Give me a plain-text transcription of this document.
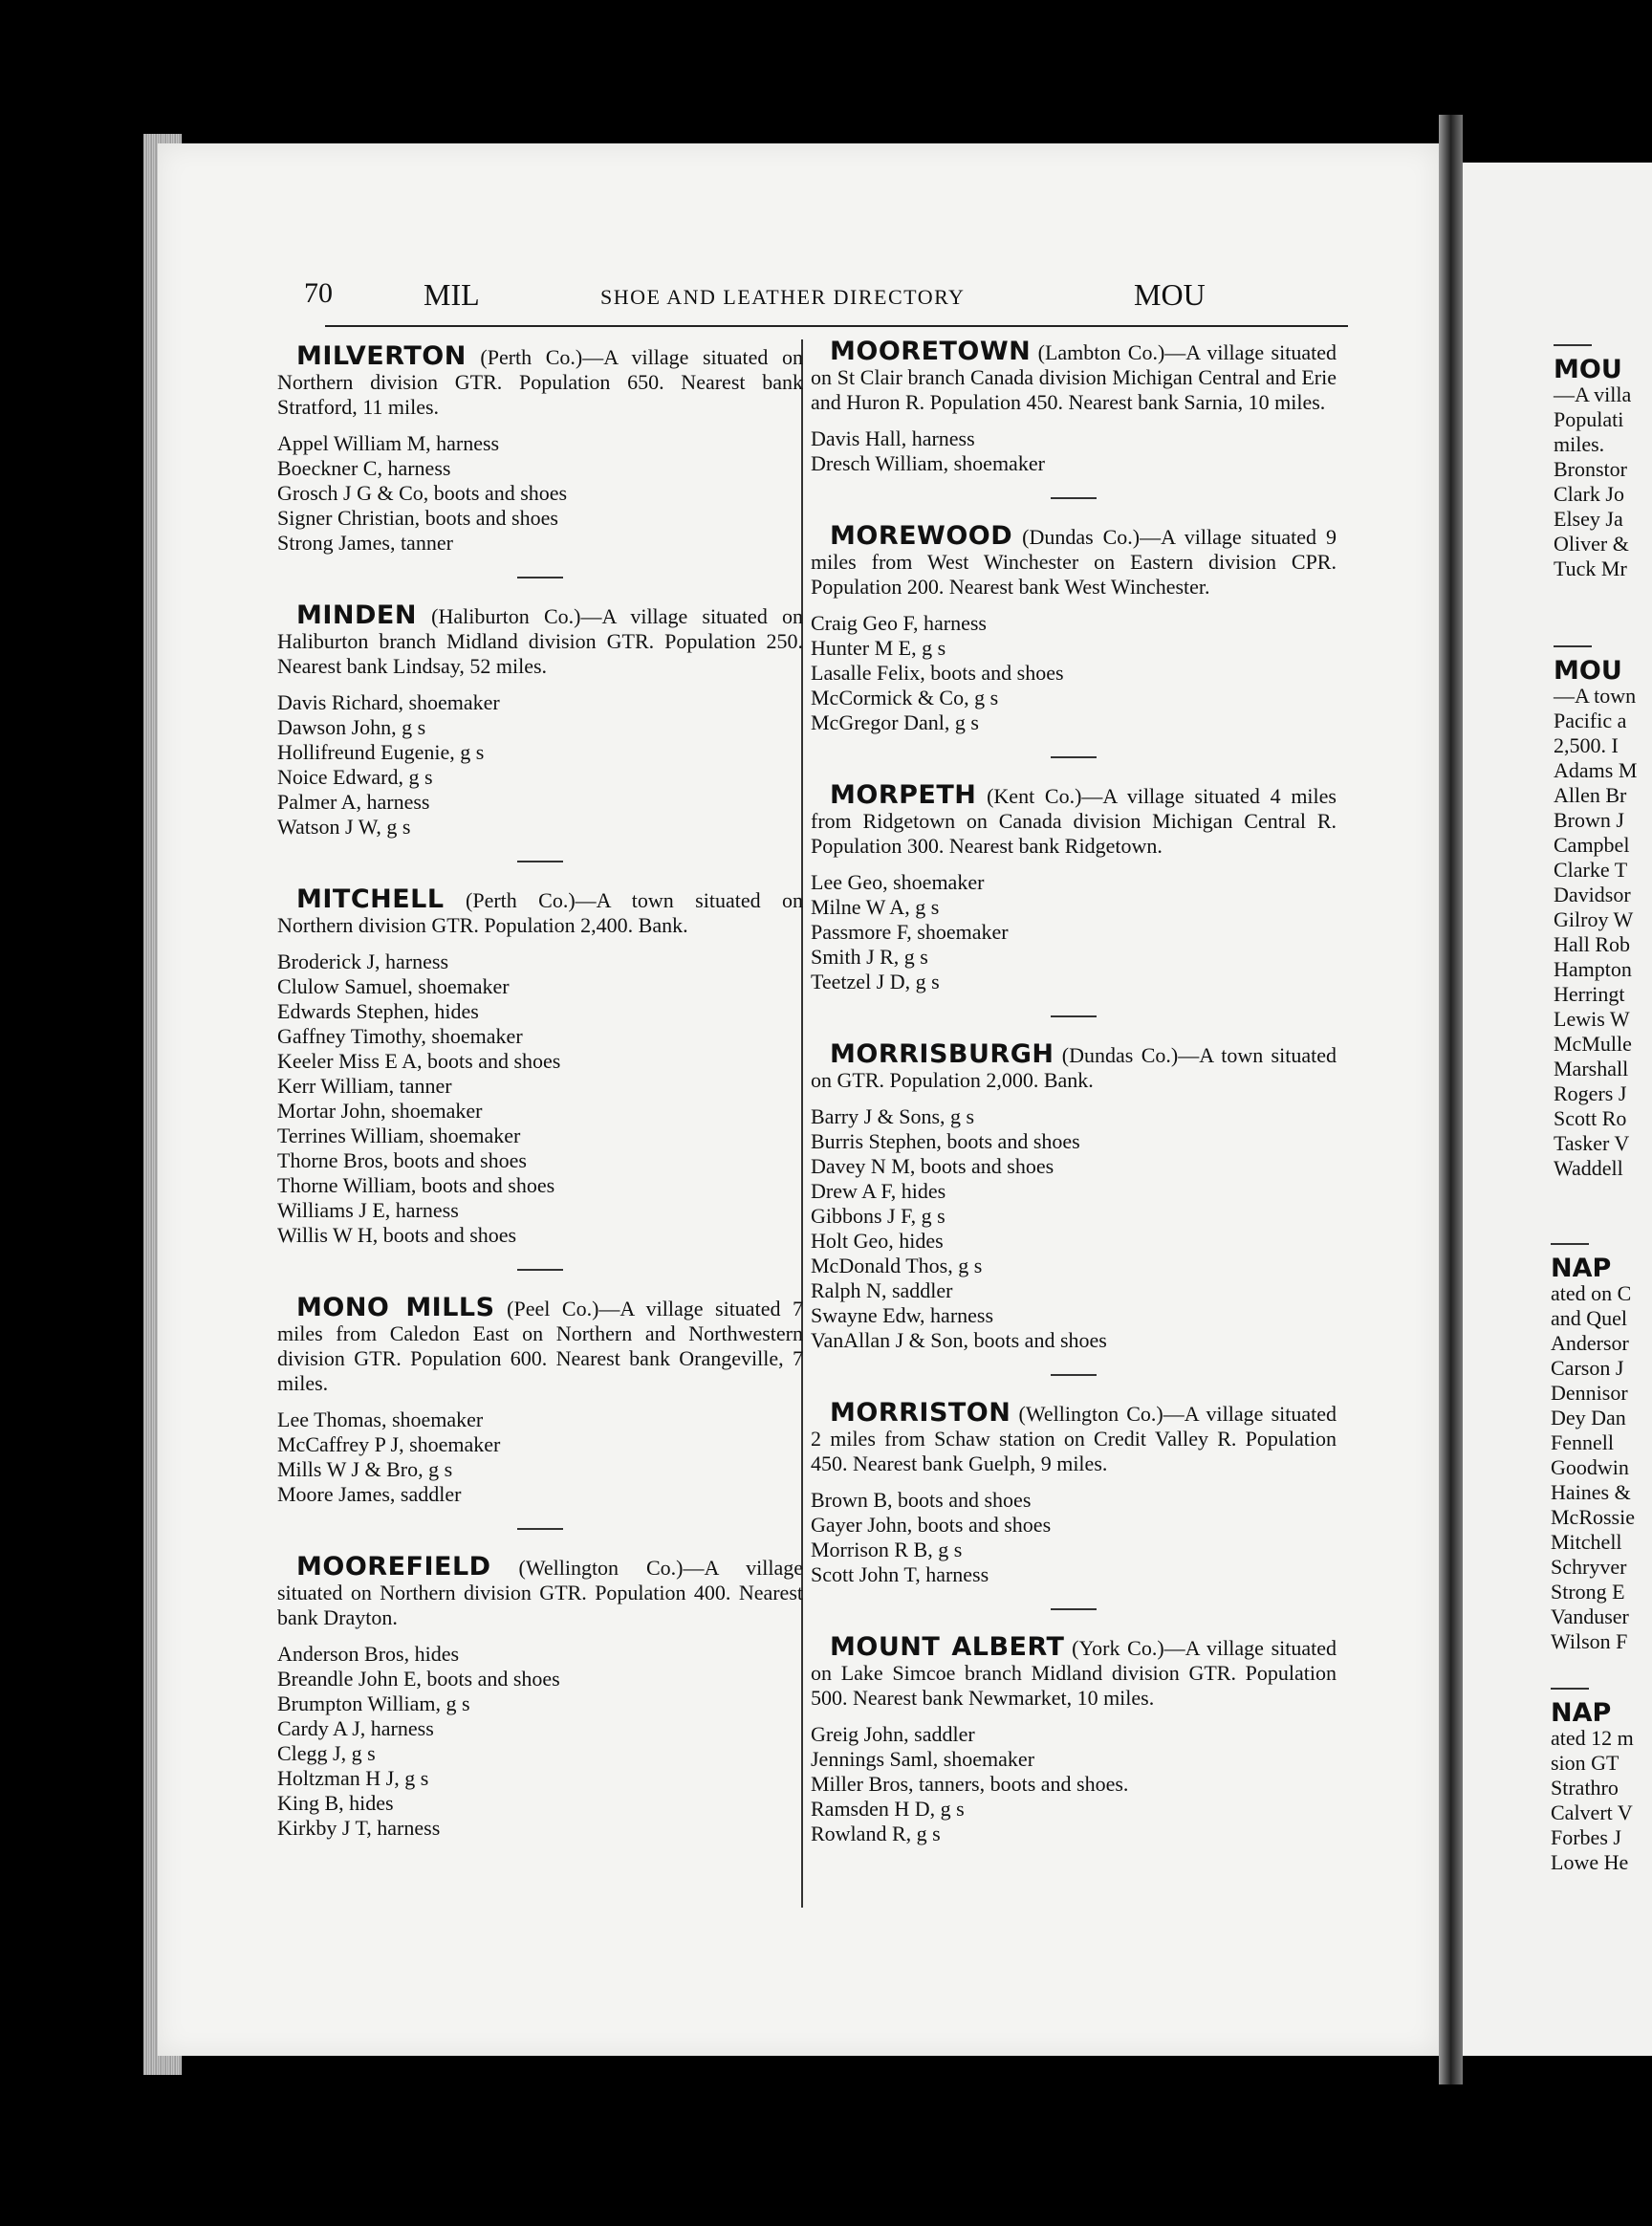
70	MIL	SHOE AND LEATHER DIRECTORY	MOU

MILVERTON (Perth Co.)—A village situated on Northern division GTR. Population 650. Nearest bank Stratford, 11 miles.

Appel William M, harness
Boeckner C, harness
Grosch J G & Co, boots and shoes
Signer Christian, boots and shoes
Strong James, tanner

MINDEN (Haliburton Co.)—A village situated on Haliburton branch Midland division GTR. Population 250. Nearest bank Lindsay, 52 miles.

Davis Richard, shoemaker
Dawson John, g s
Hollifreund Eugenie, g s
Noice Edward, g s
Palmer A, harness
Watson J W, g s

MITCHELL (Perth Co.)—A town situated on Northern division GTR. Population 2,400. Bank.

Broderick J, harness
Clulow Samuel, shoemaker
Edwards Stephen, hides
Gaffney Timothy, shoemaker
Keeler Miss E A, boots and shoes
Kerr William, tanner
Mortar John, shoemaker
Terrines William, shoemaker
Thorne Bros, boots and shoes
Thorne William, boots and shoes
Williams J E, harness
Willis W H, boots and shoes

MONO MILLS (Peel Co.)—A village situated 7 miles from Caledon East on Northern and Northwestern division GTR. Population 600. Nearest bank Orangeville, 7 miles.

Lee Thomas, shoemaker
McCaffrey P J, shoemaker
Mills W J & Bro, g s
Moore James, saddler

MOOREFIELD (Wellington Co.)—A village situated on Northern division GTR. Population 400. Nearest bank Drayton.

Anderson Bros, hides
Breandle John E, boots and shoes
Brumpton William, g s
Cardy A J, harness
Clegg J, g s
Holtzman H J, g s
King B, hides
Kirkby J T, harness

MOORETOWN (Lambton Co.)—A village situated on St Clair branch Canada division Michigan Central and Erie and Huron R. Population 450. Nearest bank Sarnia, 10 miles.

Davis Hall, harness
Dresch William, shoemaker

MOREWOOD (Dundas Co.)—A village situated 9 miles from West Winchester on Eastern division CPR. Population 200. Nearest bank West Winchester.

Craig Geo F, harness
Hunter M E, g s
Lasalle Felix, boots and shoes
McCormick & Co, g s
McGregor Danl, g s

MORPETH (Kent Co.)—A village situated 4 miles from Ridgetown on Canada division Michigan Central R. Population 300. Nearest bank Ridgetown.

Lee Geo, shoemaker
Milne W A, g s
Passmore F, shoemaker
Smith J R, g s
Teetzel J D, g s

MORRISBURGH (Dundas Co.)—A town situated on GTR. Population 2,000. Bank.

Barry J & Sons, g s
Burris Stephen, boots and shoes
Davey N M, boots and shoes
Drew A F, hides
Gibbons J F, g s
Holt Geo, hides
McDonald Thos, g s
Ralph N, saddler
Swayne Edw, harness
VanAllan J & Son, boots and shoes

MORRISTON (Wellington Co.)—A village situated 2 miles from Schaw station on Credit Valley R. Population 450. Nearest bank Guelph, 9 miles.

Brown B, boots and shoes
Gayer John, boots and shoes
Morrison R B, g s
Scott John T, harness

MOUNT ALBERT (York Co.)—A village situated on Lake Simcoe branch Midland division GTR. Population 500. Nearest bank Newmarket, 10 miles.

Greig John, saddler
Jennings Saml, shoemaker
Miller Bros, tanners, boots and shoes.
Ramsden H D, g s
Rowland R, g s
MOU
—A villa
Populati
miles.
Bronstor
Clark Jo
Elsey Ja
Oliver &
Tuck Mr
MOU
—A town
Pacific a
2,500. I
Adams M
Allen Br
Brown J
Campbel
Clarke T
Davidsor
Gilroy W
Hall Rob
Hampton
Herringt
Lewis W
McMulle
Marshall
Rogers J
Scott Ro
Tasker V
Waddell
NAP
ated on C
and Quel
Andersor
Carson J
Dennisor
Dey Dan
Fennell
Goodwin
Haines &
McRossie
Mitchell
Schryver
Strong E
Vanduser
Wilson F
NAP
ated 12 m
sion GT
Strathro
Calvert V
Forbes J
Lowe He
